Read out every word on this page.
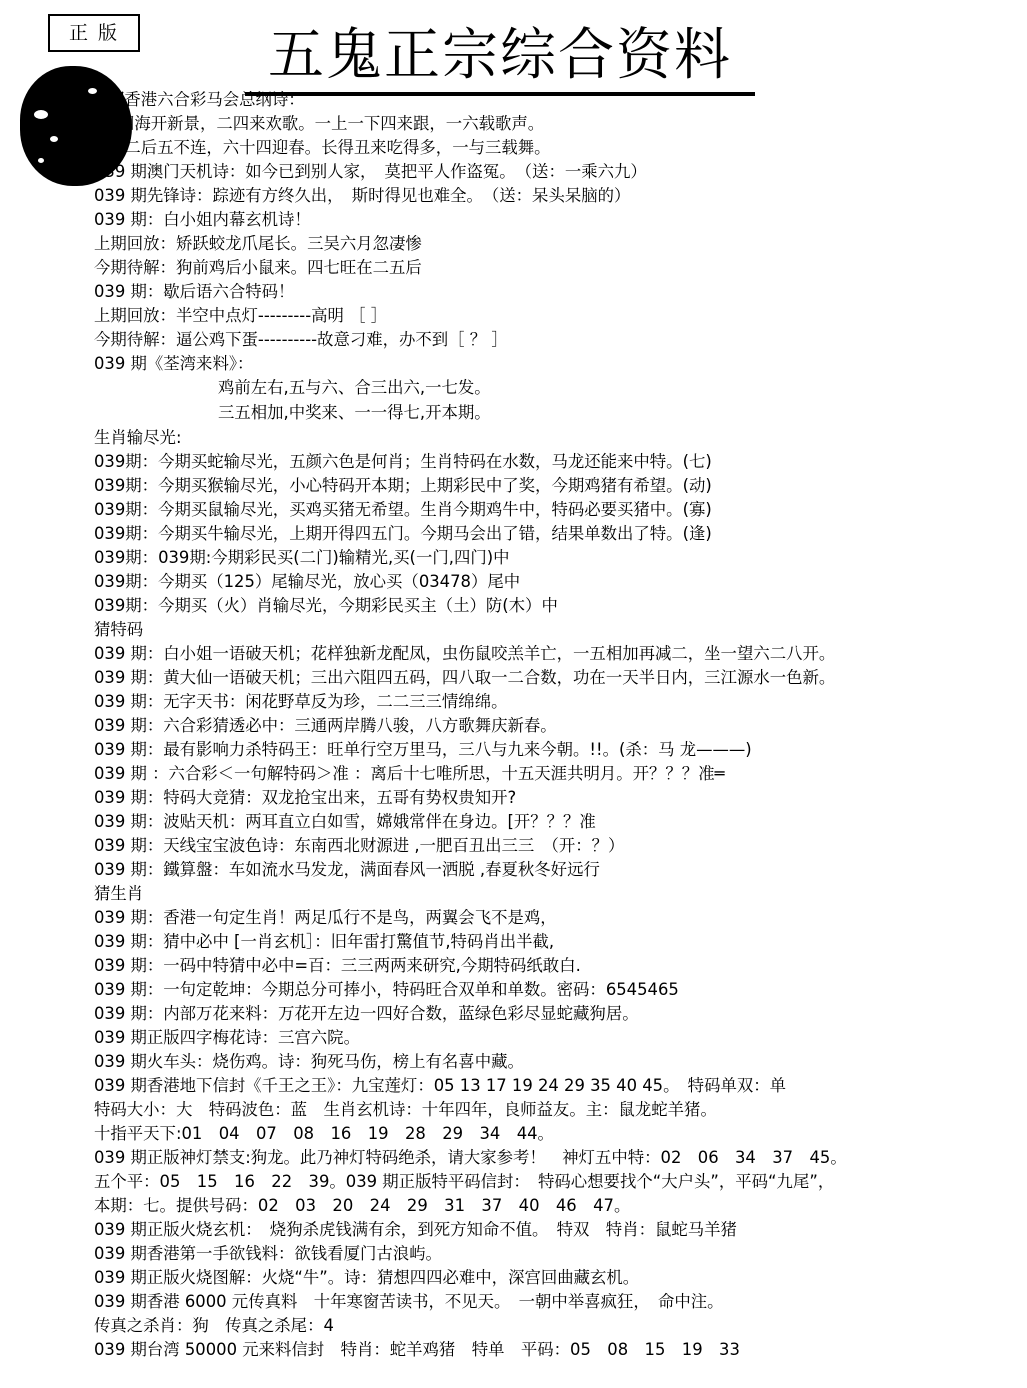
正 版	五鬼正宗综合资料
期香港六合彩马会总纲诗：
四海开新景，二四来欢歌。一上一下四来跟，一六载歌声。
前二后五不连，六十四迎春。长得丑来吃得多，一与三载舞。
039 期澳门天机诗：如今已到别人家，　莫把平人作盗冤。　（送：一乘六九）
039 期先锋诗：踪迹有方终久出，　斯时得见也难全。　（送：呆头呆脑的）
039 期：白小姐内幕玄机诗！
上期回放：矫跃蛟龙爪尾长。三吴六月忽凄惨
今期待解：狗前鸡后小鼠来。四七旺在二五后
039 期：歇后语六合特码！
上期回放：半空中点灯---------高明 ［ ］
今期待解：逼公鸡下蛋----------故意刁难，办不到［ ？ ］
039 期《荃湾来料》：
鸡前左右,五与六、合三出六,一七发。
三五相加,中奖来、一一得七,开本期。
生肖输尽光:
039期：今期买蛇输尽光，五颜六色是何肖；生肖特码在水数，马龙还能来中特。(七)
039期：今期买猴输尽光，小心特码开本期；上期彩民中了奖，今期鸡猪有希望。(动)
039期：今期买鼠输尽光，买鸡买猪无希望。生肖今期鸡牛中，特码必要买猪中。(寡)
039期：今期买牛输尽光，上期开得四五门。今期马会出了错，结果单数出了特。(逢)
039期：039期:今期彩民买(二门)输精光,买(一门,四门)中
039期：今期买（125）尾输尽光，放心买（03478）尾中
039期：今期买（火）肖输尽光，今期彩民买主（土）防(木）中
猜特码
039 期：白小姐一语破天机；花样独新龙配凤，虫伤鼠咬羔羊亡，一五相加再减二，坐一望六二八开。
039 期：黄大仙一语破天机；三出六阻四五码，四八取一二合数，功在一天半日内，三江源水一色新。
039 期：无字天书：闲花野草反为珍，二二三三情绵绵。
039 期：六合彩猜透必中：三通两岸腾八骏，八方歌舞庆新春。
039 期：最有影响力杀特码王：旺单行空万里马，三八与九来今朝。!!。(杀：马 龙———)
039 期 ：六合彩＜一句解特码＞准 ：离后十七唯所思，十五天涯共明月。开？？？准═
039 期：特码大竞猜：双龙抢宝出来，五哥有势权贵知开?
039 期：波贴天机：两耳直立白如雪，嫦娥常伴在身边。[开？？？准
039 期：天线宝宝波色诗：东南西北财源进 ,一肥百丑出三三　（开：？）
039 期：鐵算盤：车如流水马发龙，满面春风一洒脱 ,春夏秋冬好远行
猜生肖
039 期：香港一句定生肖！两足瓜行不是鸟，两翼会飞不是鸡，
039 期：猜中必中 [一肖玄机］：旧年雷打驚值节,特码肖出半截,
039 期：一码中特猜中必中=百：三三两两来研究,今期特码纸敢白.
039 期：一句定乾坤：今期总分可捧小，特码旺合双单和单数。密码：6545465
039 期：内部万花来料：万花开左边一四好合数，蓝绿色彩尽显蛇藏狗居。
039 期正版四字梅花诗：三宫六院。
039 期火车头：烧伤鸡。诗：狗死马伤，榜上有名喜中藏。
039 期香港地下信封《千王之王》：九宝莲灯：05 13 17 19 24 29 35 40 45。　特码单双：单
特码大小：大　特码波色：蓝　生肖玄机诗：十年四年，良师益友。主：鼠龙蛇羊猪。
十指平天下:01　04　07　08　16　19　28　29　34　44。
039 期正版神灯禁支:狗龙。此乃神灯特码绝杀，请大家参考！　神灯五中特：02　06　34　37　45。
五个平：05　15　16　22　39。039 期正版特平码信封：　特码心想要找个“大户头”，平码“九尾”，
本期：七。提供号码：02　03　20　24　29　31　37　40　46　47。
039 期正版火烧玄机：　烧狗杀虎钱满有余，到死方知命不值。　特双　特肖：鼠蛇马羊猪
039 期香港第一手欲钱料：欲钱看厦门古浪屿。
039 期正版火烧图解：火烧“牛”。诗：猜想四四必难中，深宫回曲藏玄机。
039 期香港 6000 元传真料　十年寒窗苦读书，不见天。　一朝中举喜疯狂，　命中注。
传真之杀肖：狗　传真之杀尾：4
039 期台湾 50000 元来料信封　特肖：蛇羊鸡猪　特单　平码：05　08　15　19　33
